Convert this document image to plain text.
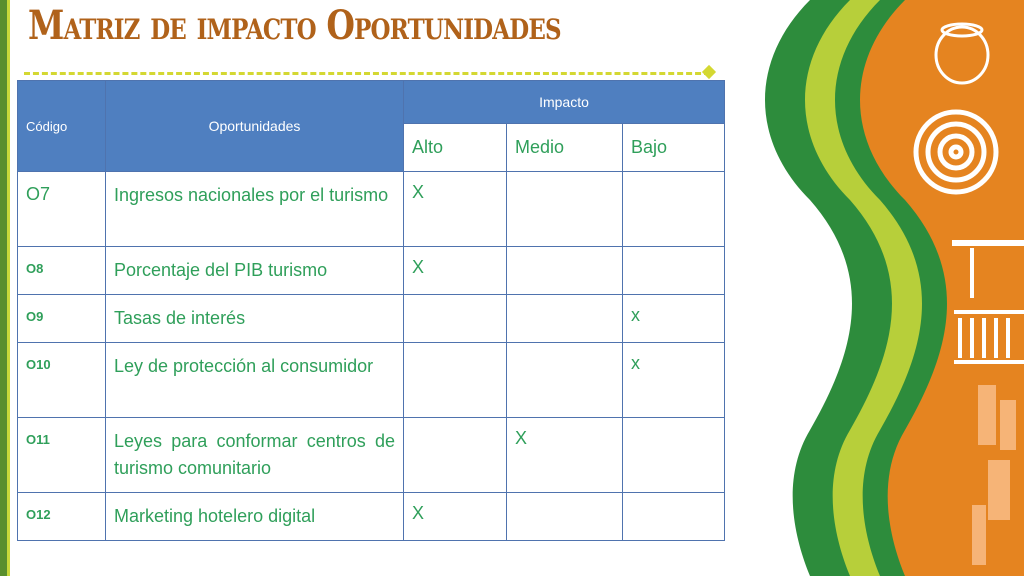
Matriz de impacto Oportunidades
Código	Oportunidades	Impacto		
		Alto	Medio	Bajo
O7	Ingresos nacionales por el turismo	X		
O8	Porcentaje del PIB turismo	X		
O9	Tasas de interés			x
O10	Ley de protección al consumidor			x
O11	Leyes para conformar centros de turismo comunitario		X	
O12	Marketing hotelero digital	X		
